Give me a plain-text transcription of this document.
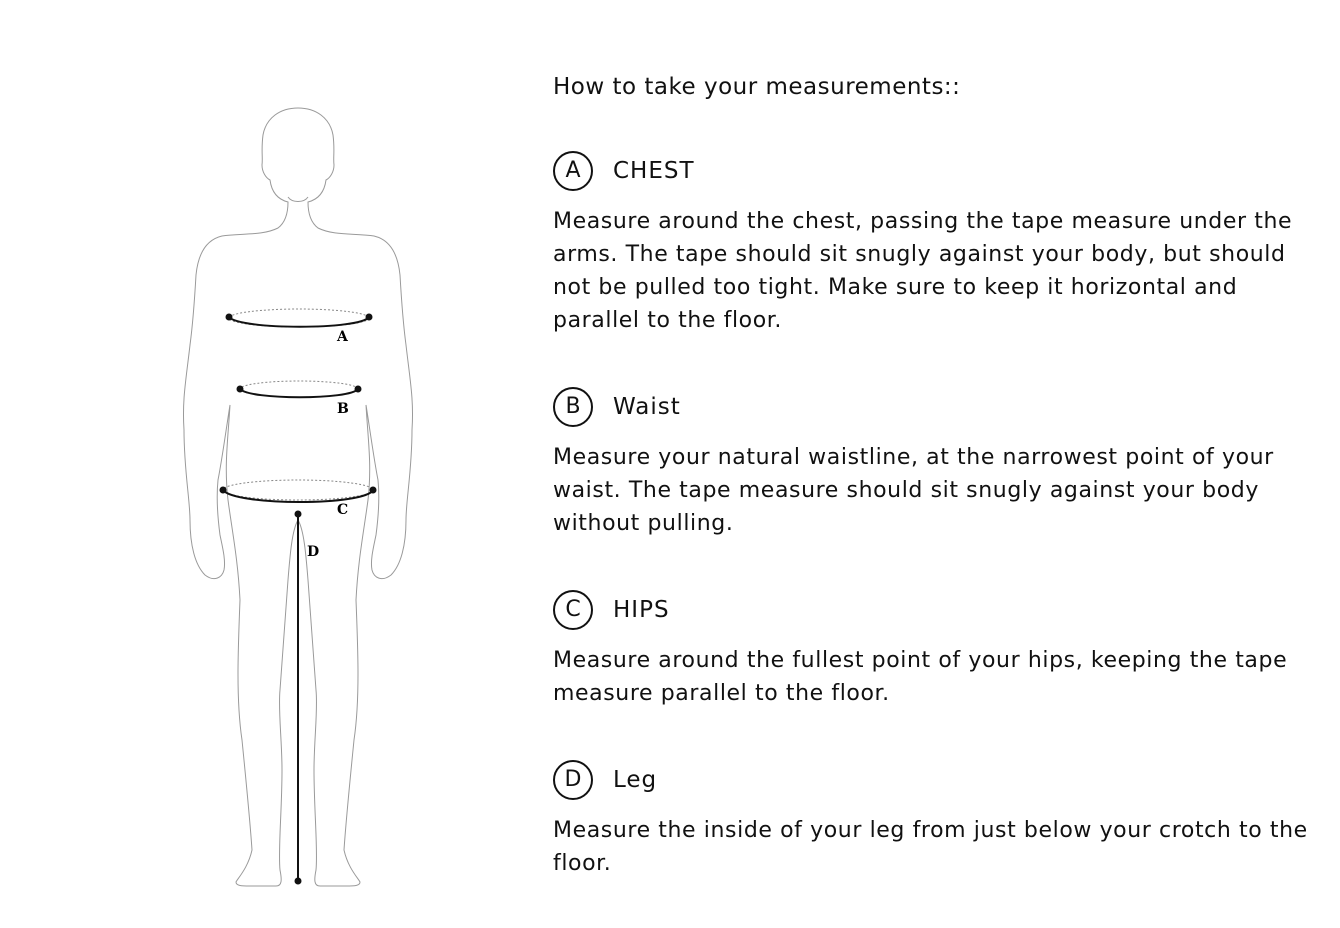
A
B
C
D
How to take your measurements::
A	CHEST

Measure around the chest, passing the tape measure under the arms. The tape should sit snugly against your body, but should not be pulled too tight. Make sure to keep it horizontal and parallel to the floor.

B	Waist

Measure your natural waistline, at the narrowest point of your waist. The tape measure should sit snugly against your body without pulling.

C	HIPS

Measure around the fullest point of your hips, keeping the tape measure parallel to the floor.

D	Leg

Measure the inside of your leg from just below your crotch to the floor.
